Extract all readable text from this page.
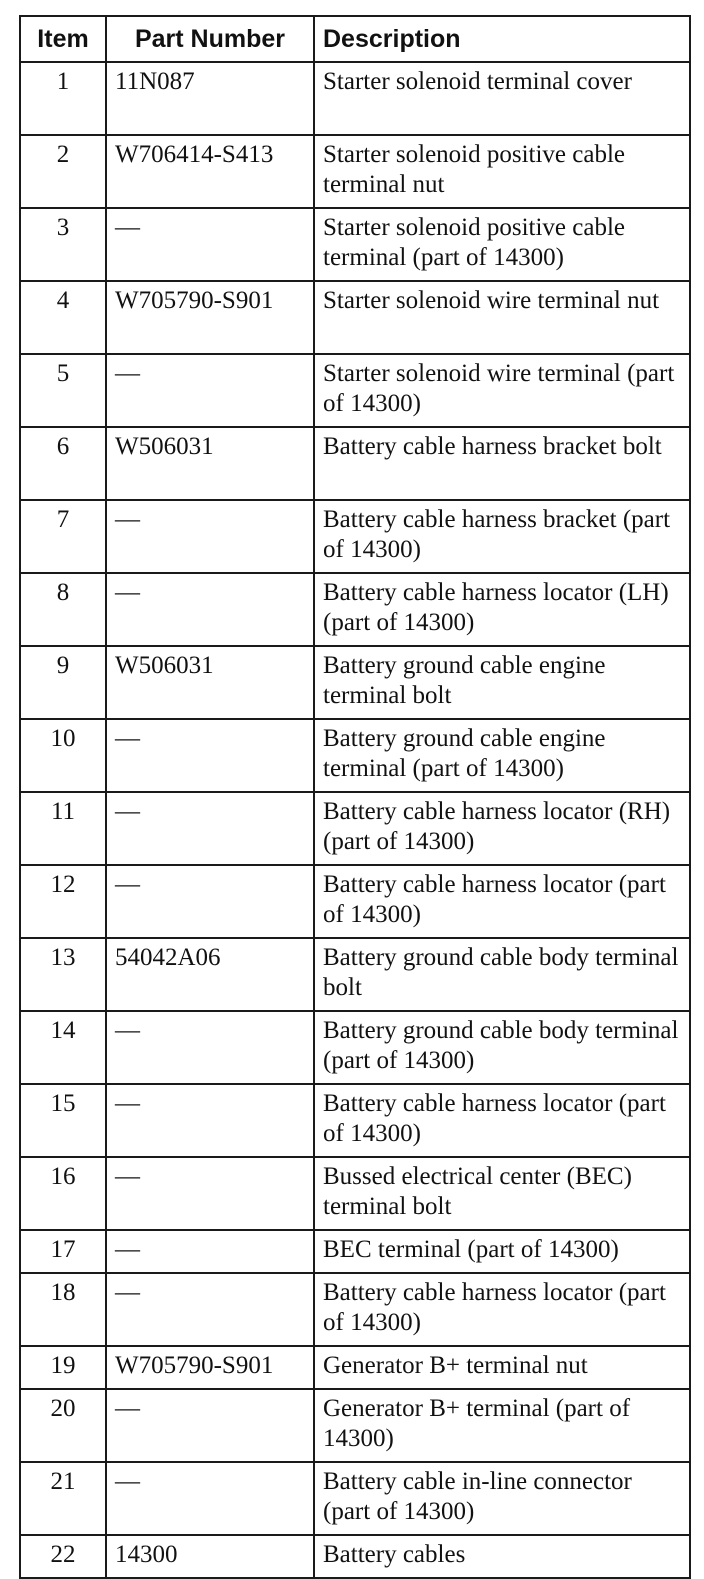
Item	Part Number	Description
1	11N087	Starter solenoid terminal cover
2	W706414-S413	Starter solenoid positive cable terminal nut
3	—	Starter solenoid positive cable terminal (part of 14300)
4	W705790-S901	Starter solenoid wire terminal nut
5	—	Starter solenoid wire terminal (part of 14300)
6	W506031	Battery cable harness bracket bolt
7	—	Battery cable harness bracket (part of 14300)
8	—	Battery cable harness locator (LH) (part of 14300)
9	W506031	Battery ground cable engine terminal bolt
10	—	Battery ground cable engine terminal (part of 14300)
11	—	Battery cable harness locator (RH) (part of 14300)
12	—	Battery cable harness locator (part of 14300)
13	54042A06	Battery ground cable body terminal bolt
14	—	Battery ground cable body terminal (part of 14300)
15	—	Battery cable harness locator (part of 14300)
16	—	Bussed electrical center (BEC) terminal bolt
17	—	BEC terminal (part of 14300)
18	—	Battery cable harness locator (part of 14300)
19	W705790-S901	Generator B+ terminal nut
20	—	Generator B+ terminal (part of 14300)
21	—	Battery cable in-line connector (part of 14300)
22	14300	Battery cables
